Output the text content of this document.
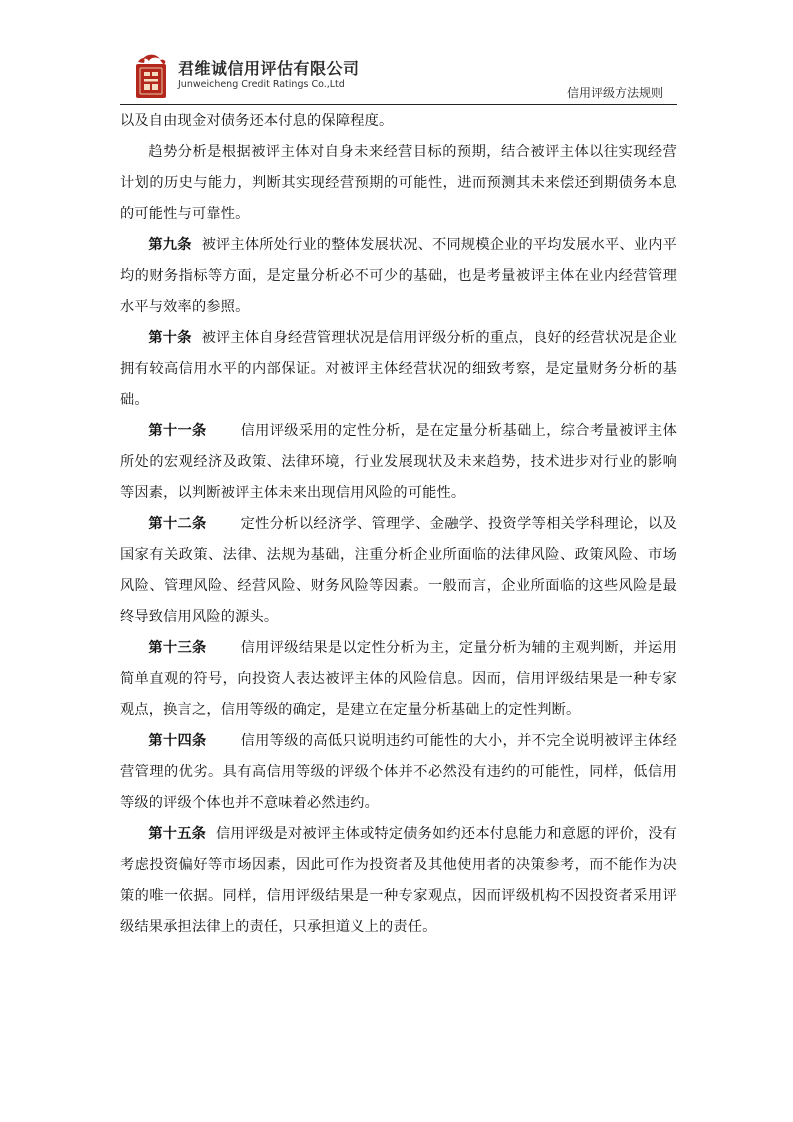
君维诚信用评估有限公司
Junweicheng Credit Ratings Co.,Ltd
信用评级方法规则

以及自由现金对债务还本付息的保障程度。

趋势分析是根据被评主体对自身未来经营目标的预期，结合被评主体以往实现经营计划的历史与能力，判断其实现经营预期的可能性，进而预测其未来偿还到期债务本息的可能性与可靠性。

第九条 被评主体所处行业的整体发展状况、不同规模企业的平均发展水平、业内平均的财务指标等方面，是定量分析必不可少的基础，也是考量被评主体在业内经营管理水平与效率的参照。

第十条 被评主体自身经营管理状况是信用评级分析的重点，良好的经营状况是企业拥有较高信用水平的内部保证。对被评主体经营状况的细致考察，是定量财务分析的基础。

第十一条 信用评级采用的定性分析，是在定量分析基础上，综合考量被评主体所处的宏观经济及政策、法律环境，行业发展现状及未来趋势，技术进步对行业的影响等因素，以判断被评主体未来出现信用风险的可能性。

第十二条 定性分析以经济学、管理学、金融学、投资学等相关学科理论，以及国家有关政策、法律、法规为基础，注重分析企业所面临的法律风险、政策风险、市场风险、管理风险、经营风险、财务风险等因素。一般而言，企业所面临的这些风险是最终导致信用风险的源头。

第十三条 信用评级结果是以定性分析为主，定量分析为辅的主观判断，并运用简单直观的符号，向投资人表达被评主体的风险信息。因而，信用评级结果是一种专家观点，换言之，信用等级的确定，是建立在定量分析基础上的定性判断。

第十四条 信用等级的高低只说明违约可能性的大小，并不完全说明被评主体经营管理的优劣。具有高信用等级的评级个体并不必然没有违约的可能性，同样，低信用等级的评级个体也并不意味着必然违约。

第十五条 信用评级是对被评主体或特定债务如约还本付息能力和意愿的评价，没有考虑投资偏好等市场因素，因此可作为投资者及其他使用者的决策参考，而不能作为决策的唯一依据。同样，信用评级结果是一种专家观点，因而评级机构不因投资者采用评级结果承担法律上的责任，只承担道义上的责任。
